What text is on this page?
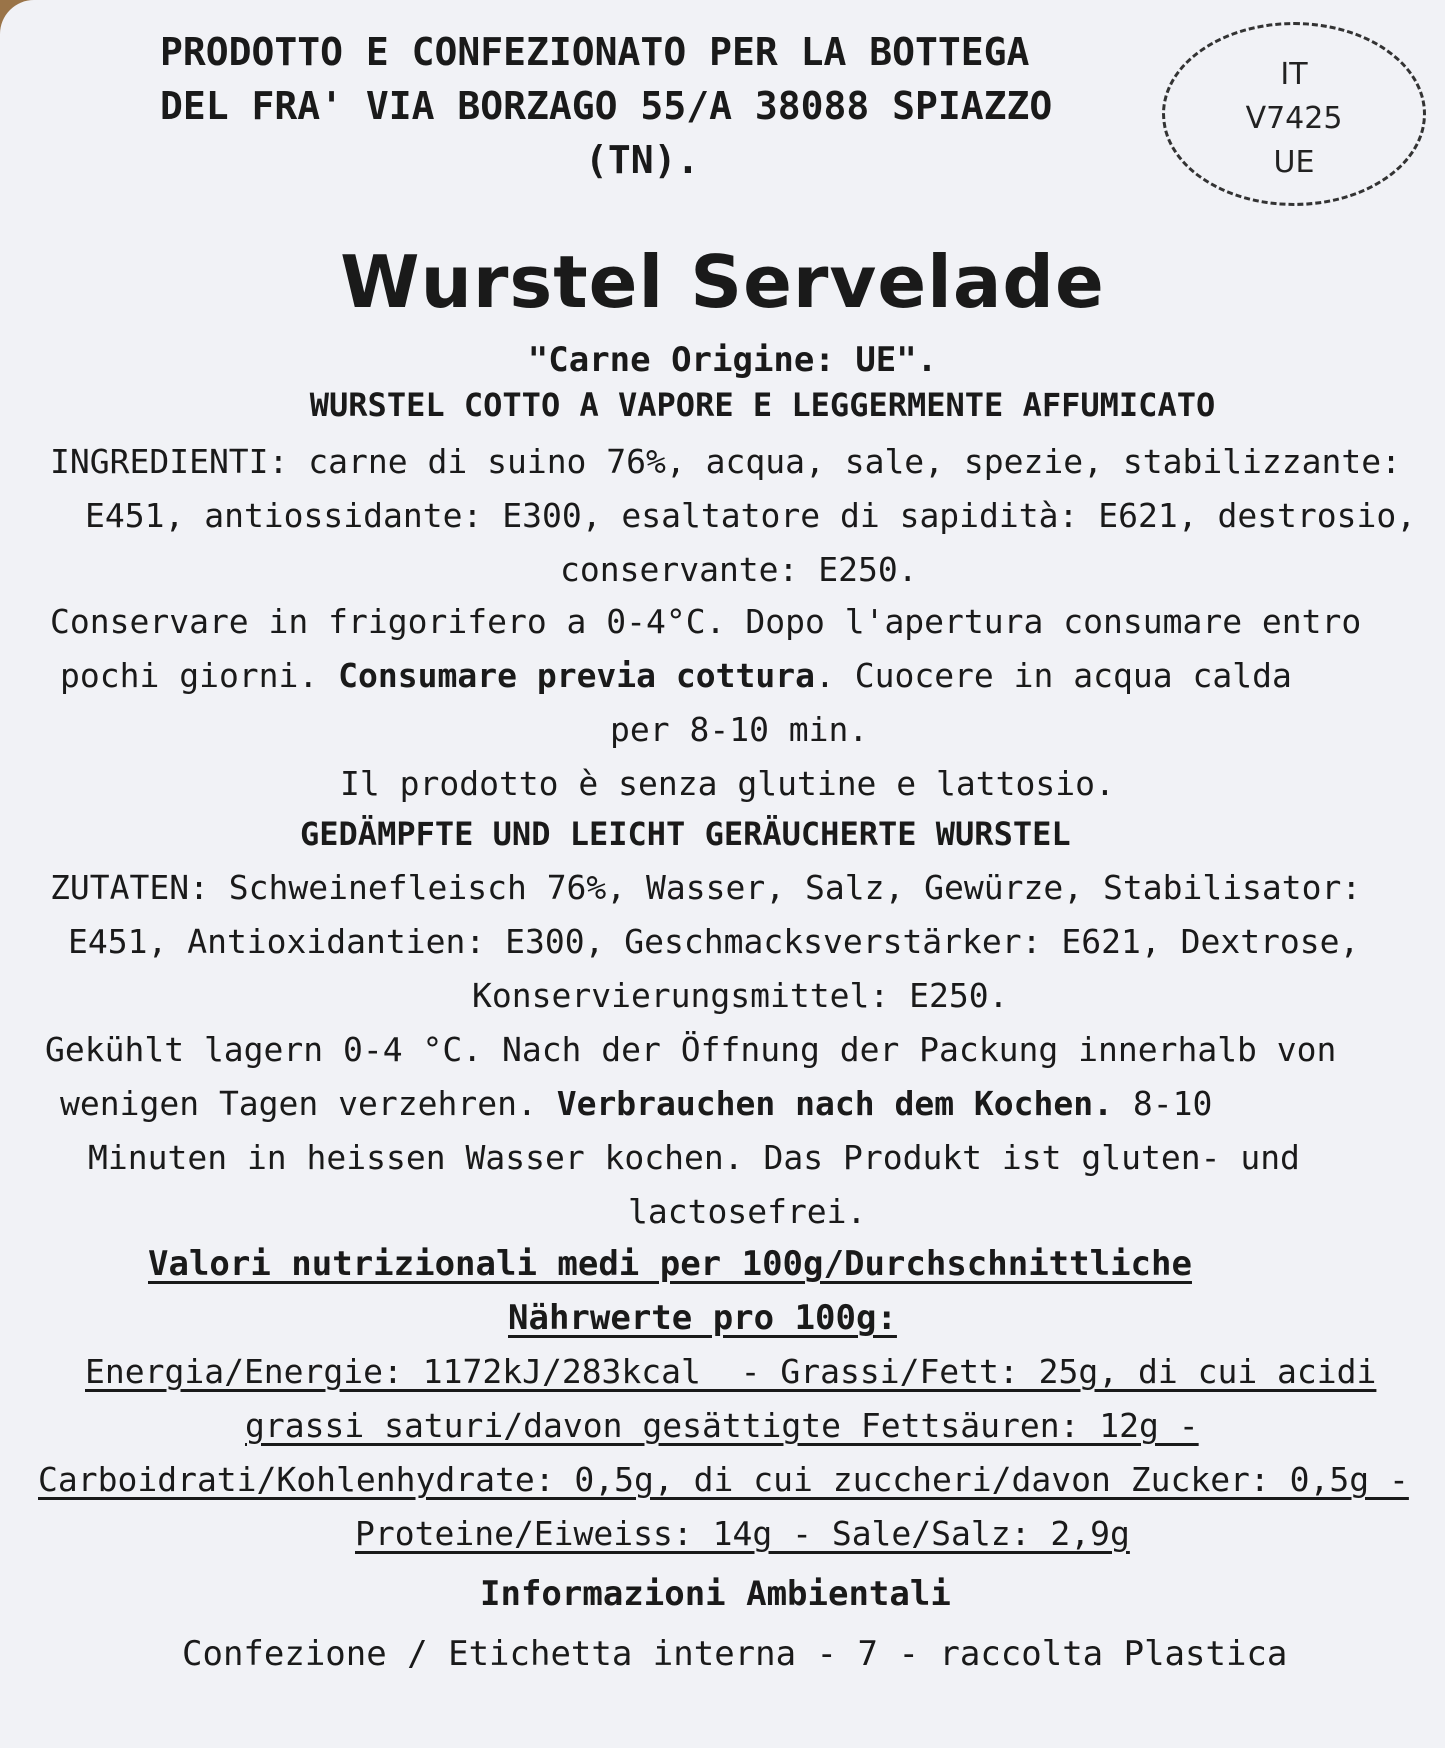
PRODOTTO E CONFEZIONATO PER LA BOTTEGA
DEL FRA' VIA BORZAGO 55/A 38088 SPIAZZO
(TN).
IT
V7425
UE
Wurstel Servelade
"Carne Origine: UE".
WURSTEL COTTO A VAPORE E LEGGERMENTE AFFUMICATO
INGREDIENTI: carne di suino 76%, acqua, sale, spezie, stabilizzante:
E451, antiossidante: E300, esaltatore di sapidità: E621, destrosio,
conservante: E250.
Conservare in frigorifero a 0-4°C. Dopo l'apertura consumare entro
pochi giorni. Consumare previa cottura. Cuocere in acqua calda
per 8-10 min.
Il prodotto è senza glutine e lattosio.
GEDÄMPFTE UND LEICHT GERÄUCHERTE WURSTEL
ZUTATEN: Schweinefleisch 76%, Wasser, Salz, Gewürze, Stabilisator:
E451, Antioxidantien: E300, Geschmacksverstärker: E621, Dextrose,
Konservierungsmittel: E250.
Gekühlt lagern 0-4 °C. Nach der Öffnung der Packung innerhalb von
wenigen Tagen verzehren. Verbrauchen nach dem Kochen. 8-10
Minuten in heissen Wasser kochen. Das Produkt ist gluten- und
lactosefrei.
Valori nutrizionali medi per 100g/Durchschnittliche
Nährwerte pro 100g:
Energia/Energie: 1172kJ/283kcal  - Grassi/Fett: 25g, di cui acidi
grassi saturi/davon gesättigte Fettsäuren: 12g -
Carboidrati/Kohlenhydrate: 0,5g, di cui zuccheri/davon Zucker: 0,5g -
Proteine/Eiweiss: 14g - Sale/Salz: 2,9g
Informazioni Ambientali
Confezione / Etichetta interna - 7 - raccolta Plastica
